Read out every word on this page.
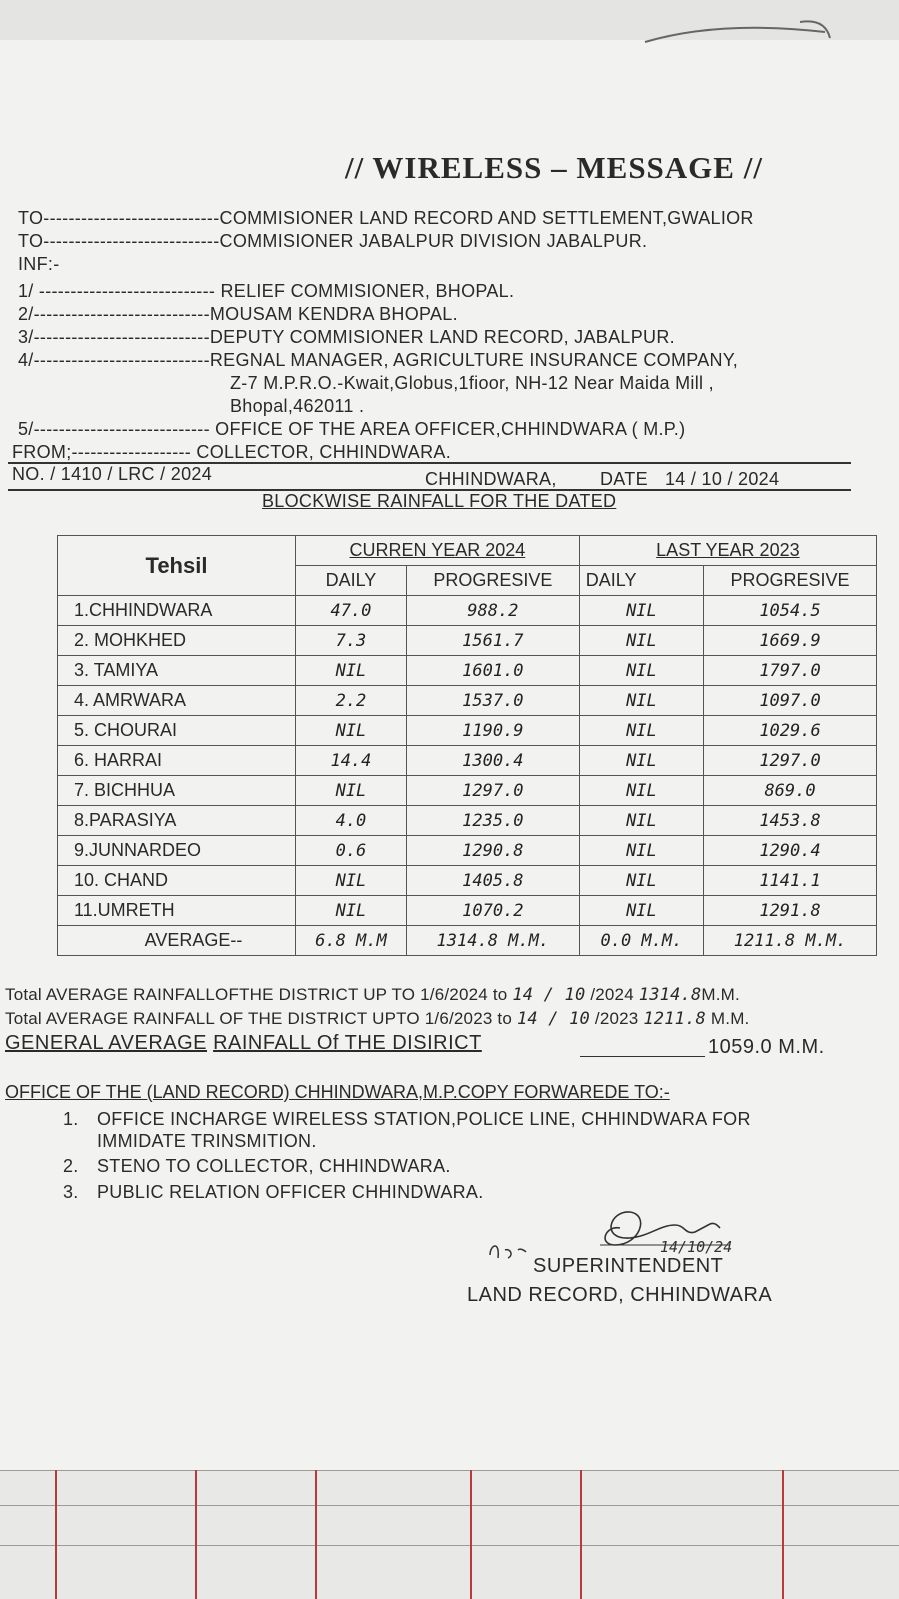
// WIRELESS – MESSAGE //
TO----------------------------COMMISIONER LAND RECORD AND SETTLEMENT,GWALIOR
TO----------------------------COMMISIONER JABALPUR DIVISION JABALPUR.
INF:-
1/ ---------------------------- RELIEF COMMISIONER, BHOPAL.
2/----------------------------MOUSAM KENDRA BHOPAL.
3/----------------------------DEPUTY COMMISIONER LAND RECORD, JABALPUR.
4/----------------------------REGNAL MANAGER, AGRICULTURE INSURANCE COMPANY,
Z-7 M.P.R.O.-Kwait,Globus,1fioor, NH-12 Near Maida Mill ,
Bhopal,462011 .
5/---------------------------- OFFICE OF THE AREA OFFICER,CHHINDWARA ( M.P.)
FROM;------------------- COLLECTOR, CHHINDWARA.
NO. / 1410 / LRC / 2024	CHHINDWARA, DATE 14 / 10 / 2024
BLOCKWISE RAINFALL FOR THE DATED
Tehsil	CURREN YEAR 2024		LAST YEAR 2023	
	DAILY	PROGRESIVE	DAILY	PROGRESIVE
1.CHHINDWARA	47.0	988.2	NIL	1054.5
2. MOHKHED	7.3	1561.7	NIL	1669.9
3. TAMIYA	NIL	1601.0	NIL	1797.0
4. AMRWARA	2.2	1537.0	NIL	1097.0
5. CHOURAI	NIL	1190.9	NIL	1029.6
6. HARRAI	14.4	1300.4	NIL	1297.0
7. BICHHUA	NIL	1297.0	NIL	869.0
8.PARASIYA	4.0	1235.0	NIL	1453.8
9.JUNNARDEO	0.6	1290.8	NIL	1290.4
10. CHAND	NIL	1405.8	NIL	1141.1
11.UMRETH	NIL	1070.2	NIL	1291.8
AVERAGE--	6.8 M.M	1314.8 M.M.	0.0 M.M.	1211.8 M.M.
Total AVERAGE RAINFALLOFTHE DISTRICT UP TO 1/6/2024 to 14 / 10 /2024 1314.8M.M.
Total AVERAGE RAINFALL OF THE DISTRICT UPTO 1/6/2023 to 14 / 10 /2023 1211.8 M.M.
GENERAL AVERAGE RAINFALL Of THE DISIRICT	1059.0 M.M.
OFFICE OF THE (LAND RECORD) CHHINDWARA,M.P.COPY FORWAREDE TO:-
1. OFFICE INCHARGE WIRELESS STATION,POLICE LINE, CHHINDWARA FOR
IMMIDATE TRINSMITION.
2. STENO TO COLLECTOR, CHHINDWARA.
3. PUBLIC RELATION OFFICER CHHINDWARA.
14/10/24
SUPERINTENDENT
LAND RECORD, CHHINDWARA
